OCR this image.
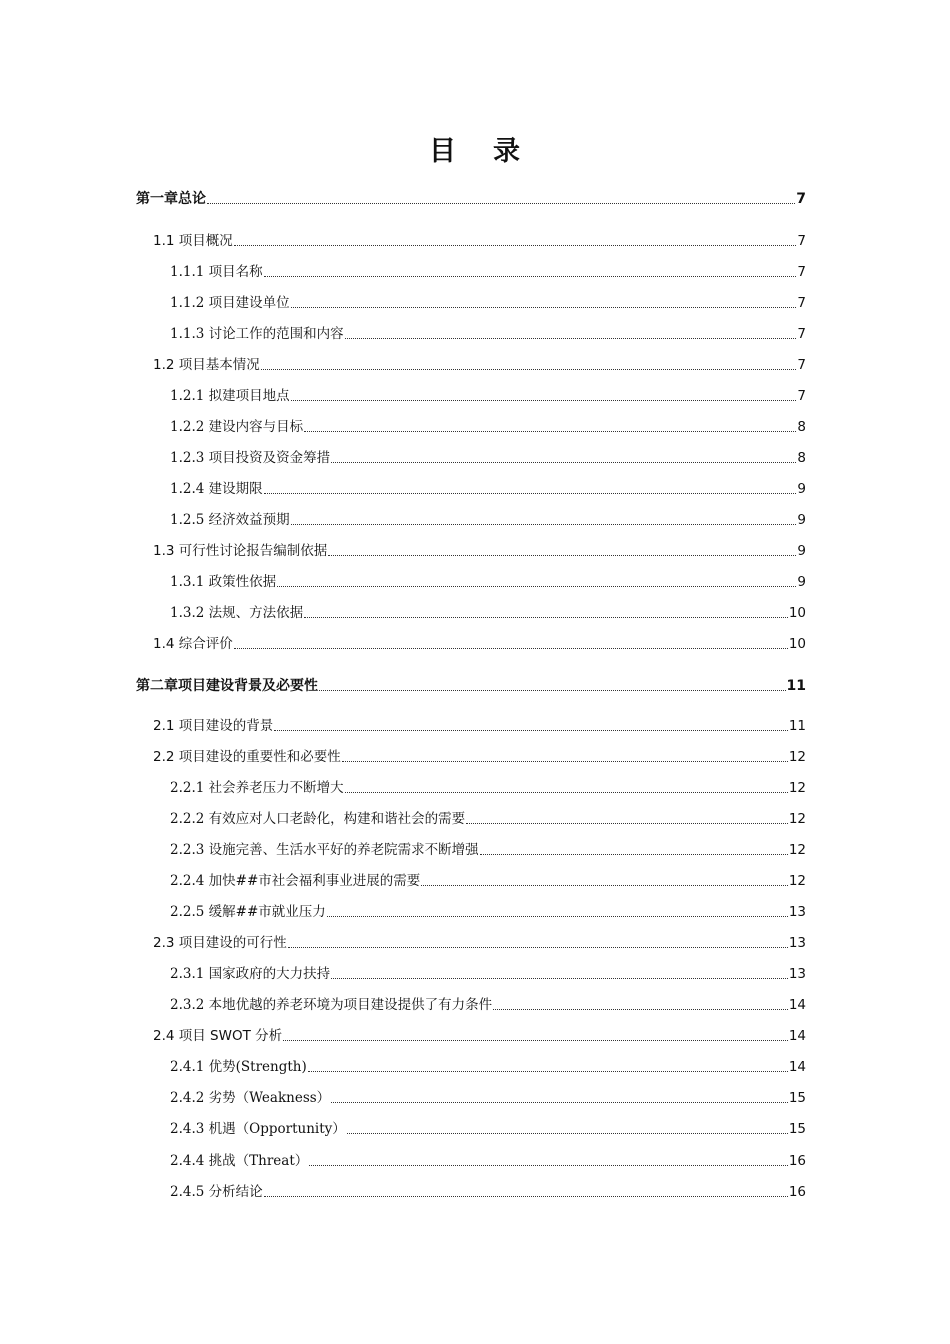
目 录
第一章总论	7
1.1 项目概况	7
1.1.1 项目名称	7
1.1.2 项目建设单位	7
1.1.3 讨论工作的范围和内容	7
1.2 项目基本情况	7
1.2.1 拟建项目地点	7
1.2.2 建设内容与目标	8
1.2.3 项目投资及资金筹措	8
1.2.4 建设期限	9
1.2.5 经济效益预期	9
1.3 可行性讨论报告编制依据	9
1.3.1 政策性依据	9
1.3.2 法规、方法依据	10
1.4 综合评价	10
第二章项目建设背景及必要性	11
2.1 项目建设的背景	11
2.2 项目建设的重要性和必要性	12
2.2.1 社会养老压力不断增大	12
2.2.2 有效应对人口老龄化，构建和谐社会的需要	12
2.2.3 设施完善、生活水平好的养老院需求不断增强	12
2.2.4 加快##市社会福利事业进展的需要	12
2.2.5 缓解##市就业压力	13
2.3 项目建设的可行性	13
2.3.1 国家政府的大力扶持	13
2.3.2 本地优越的养老环境为项目建设提供了有力条件	14
2.4 项目 SWOT 分析	14
2.4.1 优势(Strength)	14
2.4.2 劣势（Weakness）	15
2.4.3 机遇（Opportunity）	15
2.4.4 挑战（Threat）	16
2.4.5 分析结论	16
